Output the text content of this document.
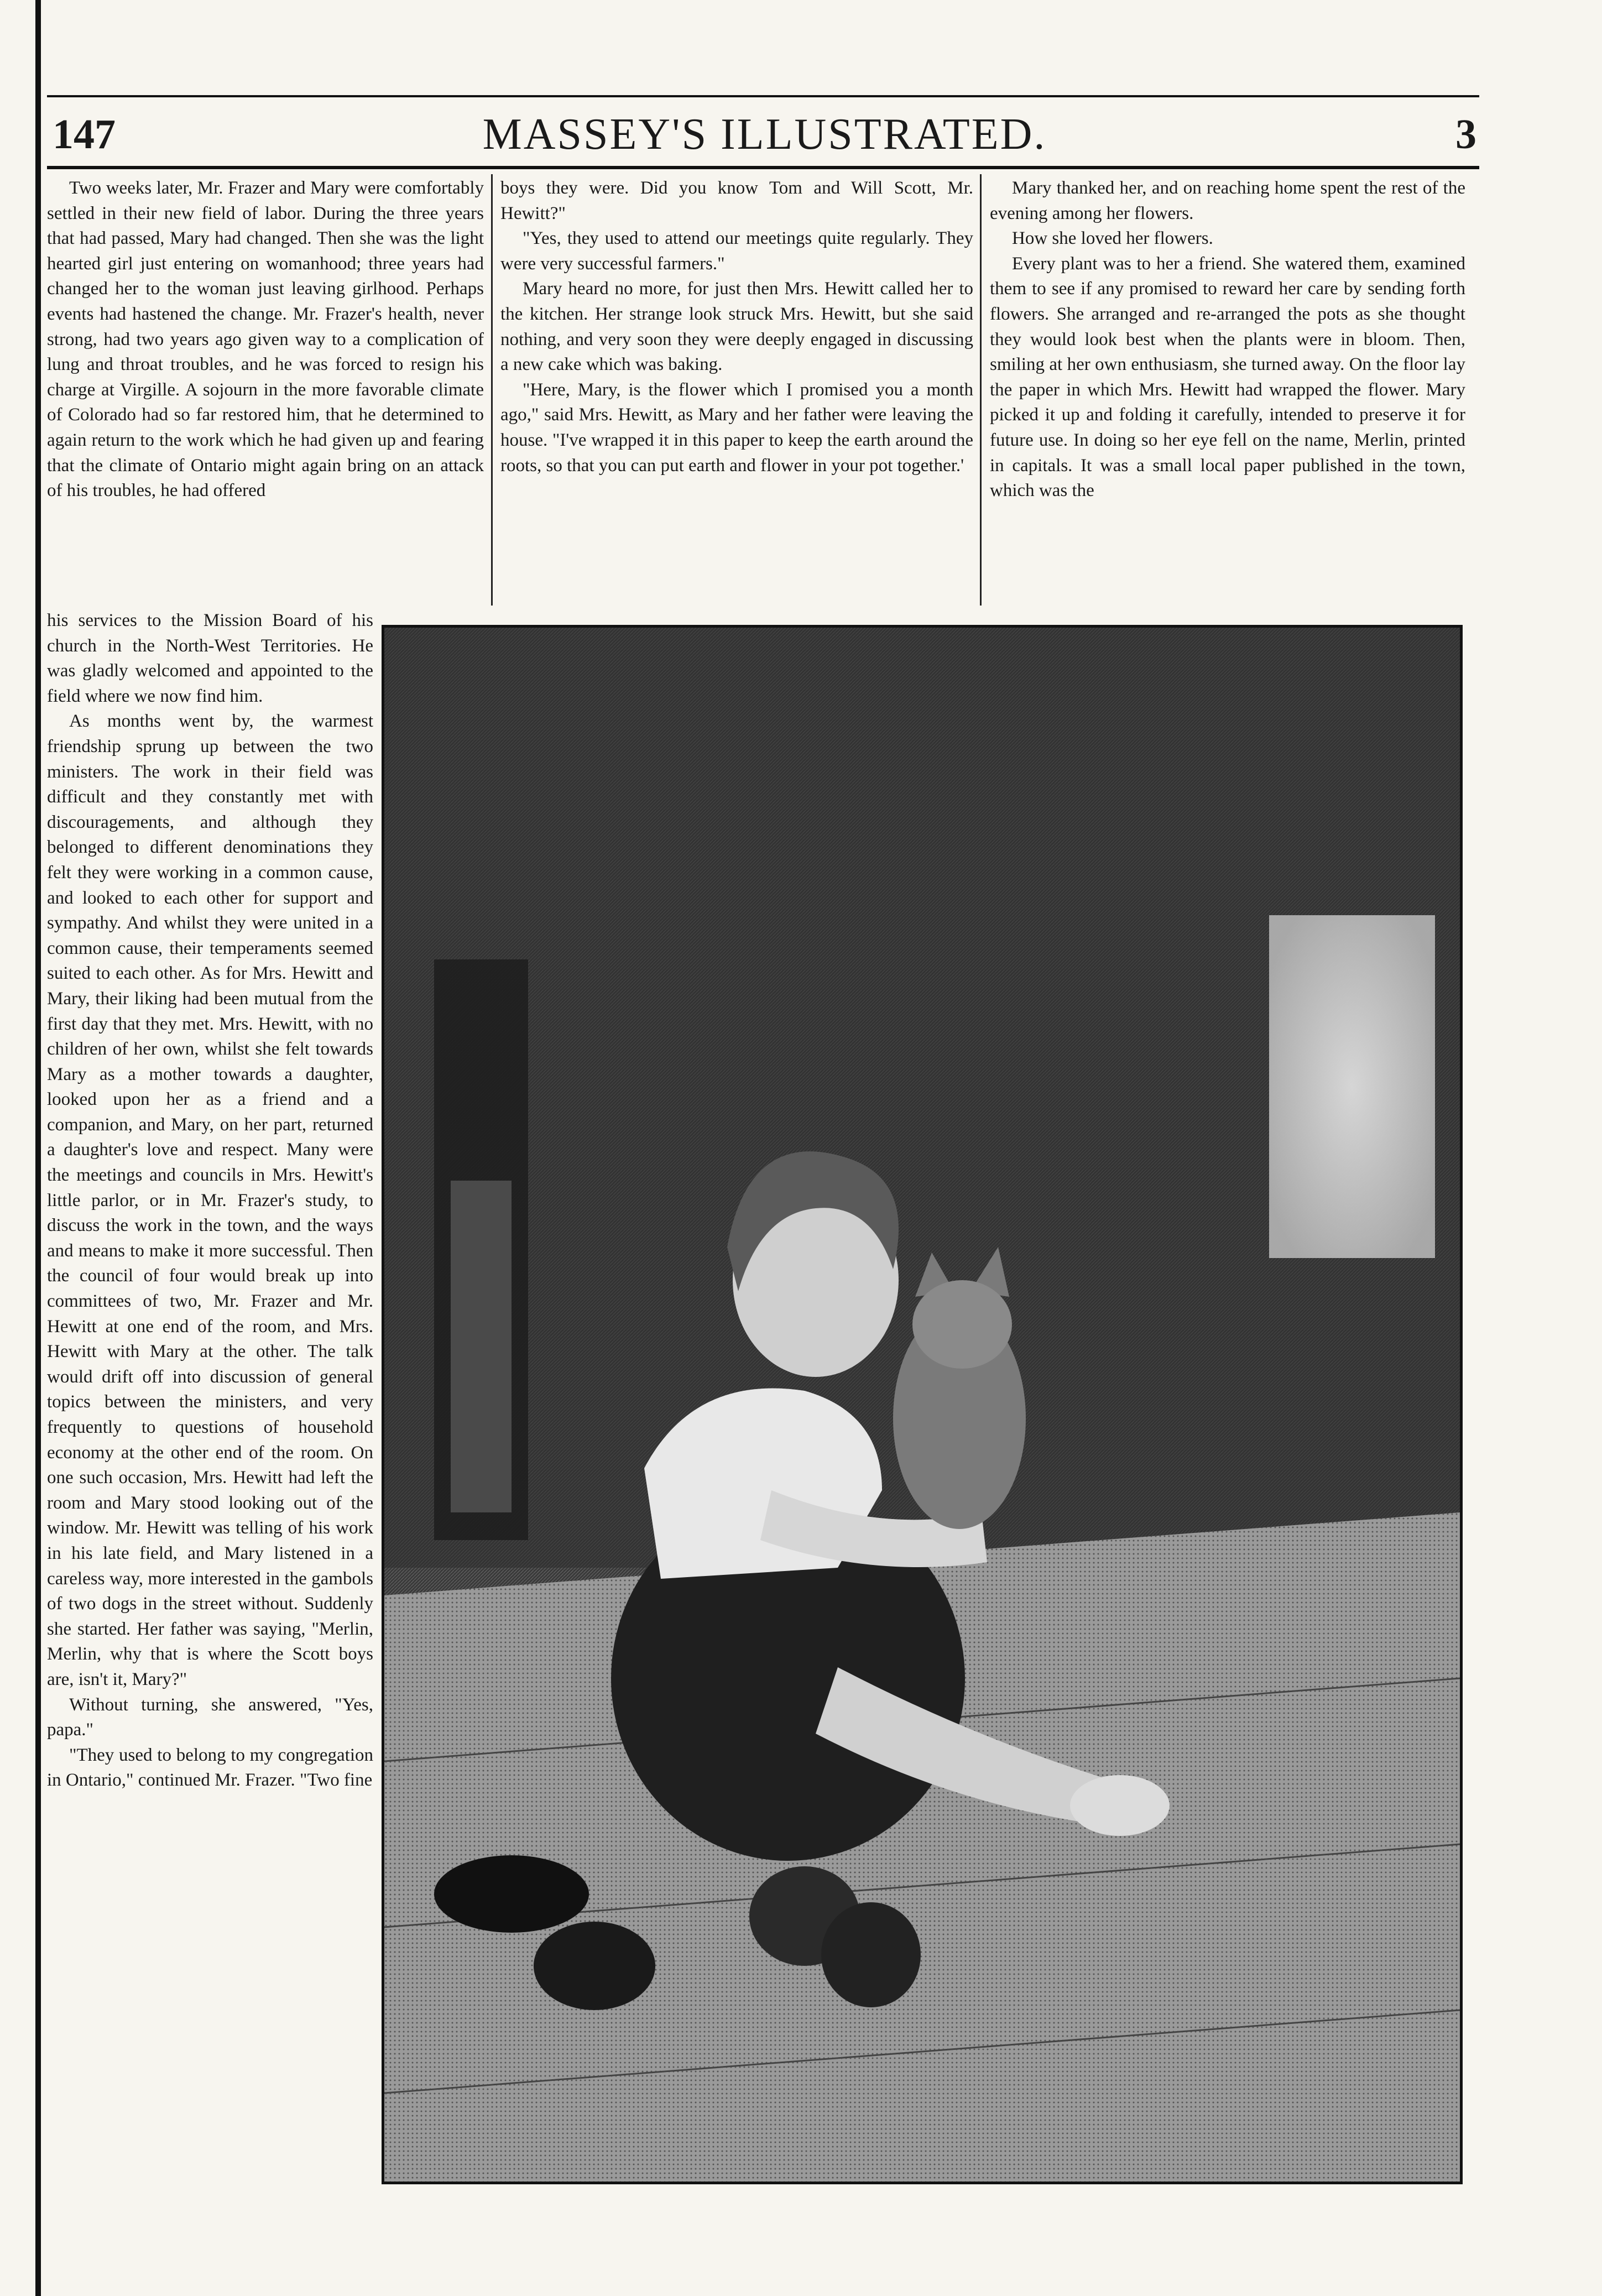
147	MASSEY'S ILLUSTRATED.	3

Two weeks later, Mr. Frazer and Mary were comfortably settled in their new field of labor. During the three years that had passed, Mary had changed. Then she was the light hearted girl just entering on womanhood; three years had changed her to the woman just leaving girlhood. Perhaps events had hastened the change. Mr. Frazer's health, never strong, had two years ago given way to a complication of lung and throat troubles, and he was forced to resign his charge at Virgille. A sojourn in the more favorable climate of Colorado had so far restored him, that he determined to again return to the work which he had given up and fearing that the climate of Ontario might again bring on an attack of his troubles, he had offered

his services to the Mission Board of his church in the North-West Territories. He was gladly welcomed and appointed to the field where we now find him.

As months went by, the warmest friendship sprung up between the two ministers. The work in their field was difficult and they constantly met with discouragements, and although they belonged to different denominations they felt they were working in a common cause, and looked to each other for support and sympathy. And whilst they were united in a common cause, their temperaments seemed suited to each other. As for Mrs. Hewitt and Mary, their liking had been mutual from the first day that they met. Mrs. Hewitt, with no children of her own, whilst she felt towards Mary as a mother towards a daughter, looked upon her as a friend and a companion, and Mary, on her part, returned a daughter's love and respect. Many were the meetings and councils in Mrs. Hewitt's little parlor, or in Mr. Frazer's study, to discuss the work in the town, and the ways and means to make it more successful. Then the council of four would break up into committees of two, Mr. Frazer and Mr. Hewitt at one end of the room, and Mrs. Hewitt with Mary at the other. The talk would drift off into discussion of general topics between the ministers, and very frequently to questions of household economy at the other end of the room. On one such occasion, Mrs. Hewitt had left the room and Mary stood looking out of the window. Mr. Hewitt was telling of his work in his late field, and Mary listened in a careless way, more interested in the gambols of two dogs in the street without. Suddenly she started. Her father was saying, "Merlin, Merlin, why that is where the Scott boys are, isn't it, Mary?"

Without turning, she answered, "Yes, papa."

"They used to belong to my congregation in Ontario," continued Mr. Frazer. "Two fine

boys they were. Did you know Tom and Will Scott, Mr. Hewitt?"

"Yes, they used to attend our meetings quite regularly. They were very successful farmers."

Mary heard no more, for just then Mrs. Hewitt called her to the kitchen. Her strange look struck Mrs. Hewitt, but she said nothing, and very soon they were deeply engaged in discussing a new cake which was baking.

"Here, Mary, is the flower which I promised you a month ago," said Mrs. Hewitt, as Mary and her father were leaving the house. "I've wrapped it in this paper to keep the earth around the roots, so that you can put earth and flower in your pot together.'

Mary thanked her, and on reaching home spent the rest of the evening among her flowers.

How she loved her flowers.

Every plant was to her a friend. She watered them, examined them to see if any promised to reward her care by sending forth flowers. She arranged and re-arranged the pots as she thought they would look best when the plants were in bloom. Then, smiling at her own enthusiasm, she turned away. On the floor lay the paper in which Mrs. Hewitt had wrapped the flower. Mary picked it up and folding it carefully, intended to preserve it for future use. In doing so her eye fell on the name, Merlin, printed in capitals. It was a small local paper published in the town, which was the
